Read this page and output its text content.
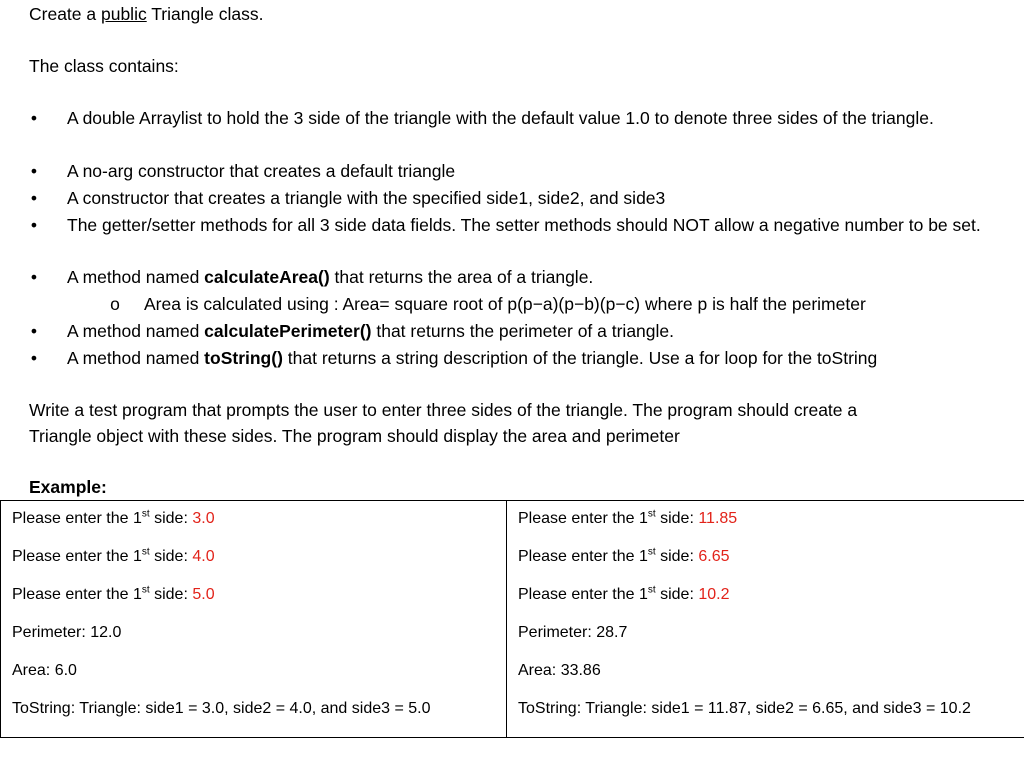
Create a public Triangle class.
The class contains:
• A double Arraylist to hold the 3 side of the triangle with the default value 1.0 to denote three sides of the triangle.
• A no-arg constructor that creates a default triangle
• A constructor that creates a triangle with the specified side1, side2, and side3
• The getter/setter methods for all 3 side data fields. The setter methods should NOT allow a negative number to be set.
• A method named calculateArea() that returns the area of a triangle.
o Area is calculated using : Area= square root of p(p−a)(p−b)(p−c) where p is half the perimeter
• A method named calculatePerimeter() that returns the perimeter of a triangle.
• A method named toString() that returns a string description of the triangle. Use a for loop for the toString
Write a test program that prompts the user to enter three sides of the triangle. The program should create a
Triangle object with these sides. The program should display the area and perimeter
Example:
Please enter the 1st side: 3.0
Please enter the 1st side: 4.0
Please enter the 1st side: 5.0
Perimeter: 12.0
Area: 6.0
ToString: Triangle: side1 = 3.0, side2 = 4.0, and side3 = 5.0

Please enter the 1st side: 11.85
Please enter the 1st side: 6.65
Please enter the 1st side: 10.2
Perimeter: 28.7
Area: 33.86
ToString: Triangle: side1 = 11.87, side2 = 6.65, and side3 = 10.2
